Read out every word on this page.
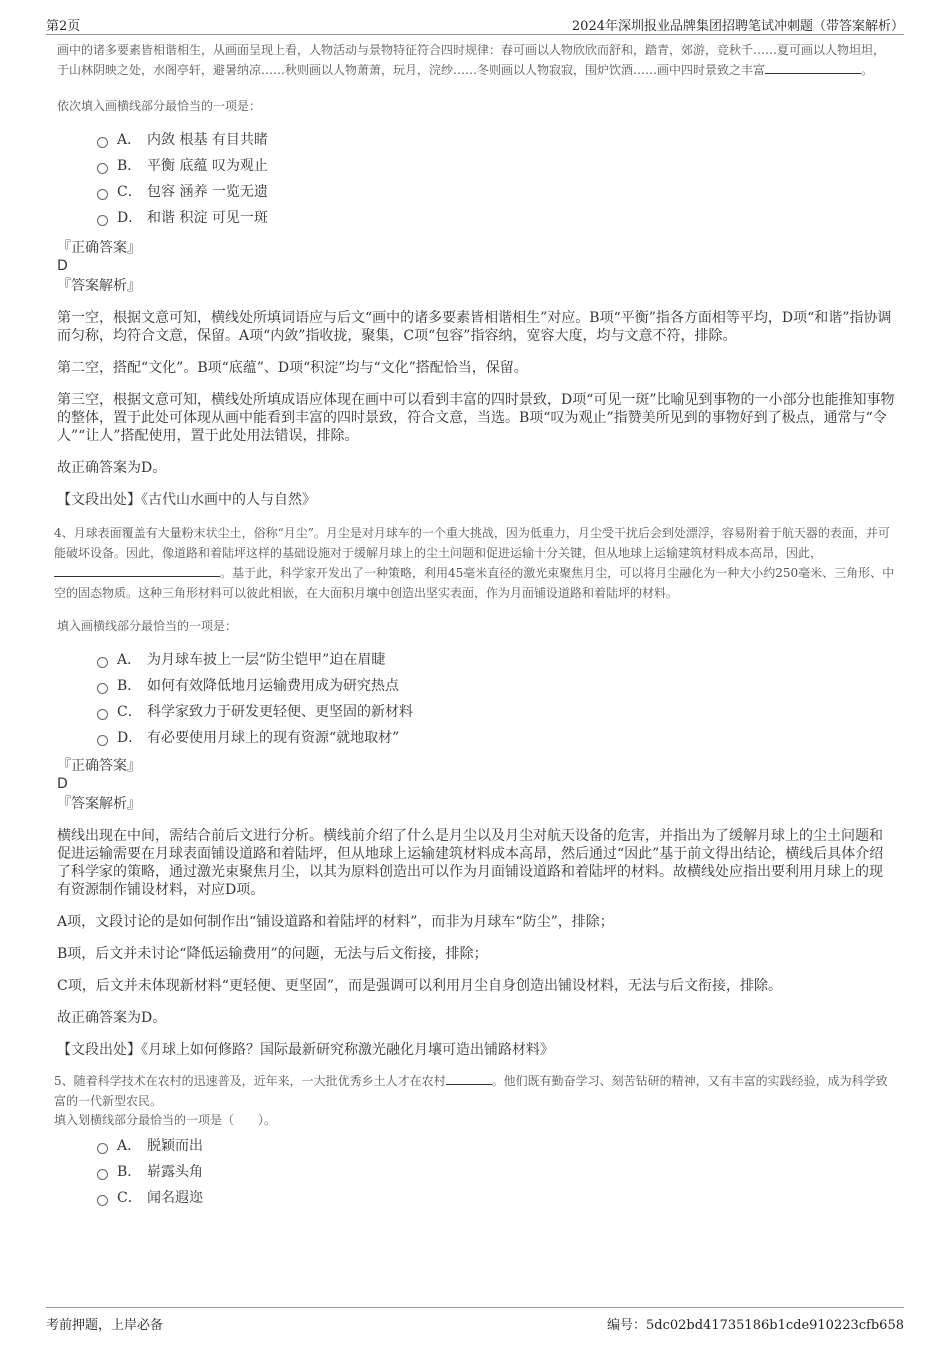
第2页	2024年深圳报业品牌集团招聘笔试冲刺题（带答案解析）

画中的诸多要素皆相谐相生，从画面呈现上看，人物活动与景物特征符合四时规律：春可画以人物欣欣而舒和，踏青，郊游，竞秋千……夏可画以人物坦坦，于山林阴映之处，水阁亭轩，避暑纳凉……秋则画以人物萧萧，玩月，浣纱……冬则画以人物寂寂，围炉饮酒……画中四时景致之丰富	。

依次填入画横线部分最恰当的一项是：

A． 内敛 根基 有目共睹
B． 平衡 底蕴 叹为观止
C． 包容 涵养 一览无遗
D． 和谐 积淀 可见一斑

『正确答案』

D

『答案解析』

第一空，根据文意可知，横线处所填词语应与后文“画中的诸多要素皆相谐相生”对应。B项“平衡”指各方面相等平均，D项“和谐”指协调而匀称，均符合文意，保留。A项“内敛”指收拢，聚集，C项“包容”指容纳，宽容大度，均与文意不符，排除。

第二空，搭配“文化”。B项“底蕴”、D项“积淀”均与“文化”搭配恰当，保留。

第三空，根据文意可知，横线处所填成语应体现在画中可以看到丰富的四时景致，D项“可见一斑”比喻见到事物的一小部分也能推知事物的整体，置于此处可体现从画中能看到丰富的四时景致，符合文意，当选。B项“叹为观止”指赞美所见到的事物好到了极点，通常与“令人”“让人”搭配使用，置于此处用法错误，排除。

故正确答案为D。

【文段出处】《古代山水画中的人与自然》

4、月球表面覆盖有大量粉末状尘土，俗称“月尘”。月尘是对月球车的一个重大挑战，因为低重力，月尘受干扰后会到处漂浮，容易附着于航天器的表面，并可能破坏设备。因此，像道路和着陆坪这样的基础设施对于缓解月球上的尘土问题和促进运输十分关键，但从地球上运输建筑材料成本高昂，因此，。基于此，科学家开发出了一种策略，利用45毫米直径的激光束聚焦月尘，可以将月尘融化为一种大小约250毫米、三角形、中空的固态物质。这种三角形材料可以彼此相嵌，在大面积月壤中创造出坚实表面，作为月面铺设道路和着陆坪的材料。

填入画横线部分最恰当的一项是：

A． 为月球车披上一层“防尘铠甲”迫在眉睫
B． 如何有效降低地月运输费用成为研究热点
C． 科学家致力于研发更轻便、更坚固的新材料
D． 有必要使用月球上的现有资源“就地取材”

『正确答案』

D

『答案解析』

横线出现在中间，需结合前后文进行分析。横线前介绍了什么是月尘以及月尘对航天设备的危害，并指出为了缓解月球上的尘土问题和促进运输需要在月球表面铺设道路和着陆坪，但从地球上运输建筑材料成本高昂，然后通过“因此”基于前文得出结论，横线后具体介绍了科学家的策略，通过激光束聚焦月尘，以其为原料创造出可以作为月面铺设道路和着陆坪的材料。故横线处应指出要利用月球上的现有资源制作铺设材料，对应D项。

A项，文段讨论的是如何制作出“铺设道路和着陆坪的材料”，而非为月球车“防尘”，排除；

B项，后文并未讨论“降低运输费用”的问题，无法与后文衔接，排除；

C项，后文并未体现新材料“更轻便、更坚固”，而是强调可以利用月尘自身创造出铺设材料，无法与后文衔接，排除。

故正确答案为D。

【文段出处】《月球上如何修路？国际最新研究称激光融化月壤可造出铺路材料》

5、随着科学技术在农村的迅速普及，近年来，一大批优秀乡土人才在农村	。他们既有勤奋学习、刻苦钻研的精神，又有丰富的实践经验，成为科学致富的一代新型农民。

填入划横线部分最恰当的一项是（　　）。

A． 脱颖而出
B． 崭露头角
C． 闻名遐迩
考前押题，上岸必备	编号：5dc02bd41735186b1cde910223cfb658
